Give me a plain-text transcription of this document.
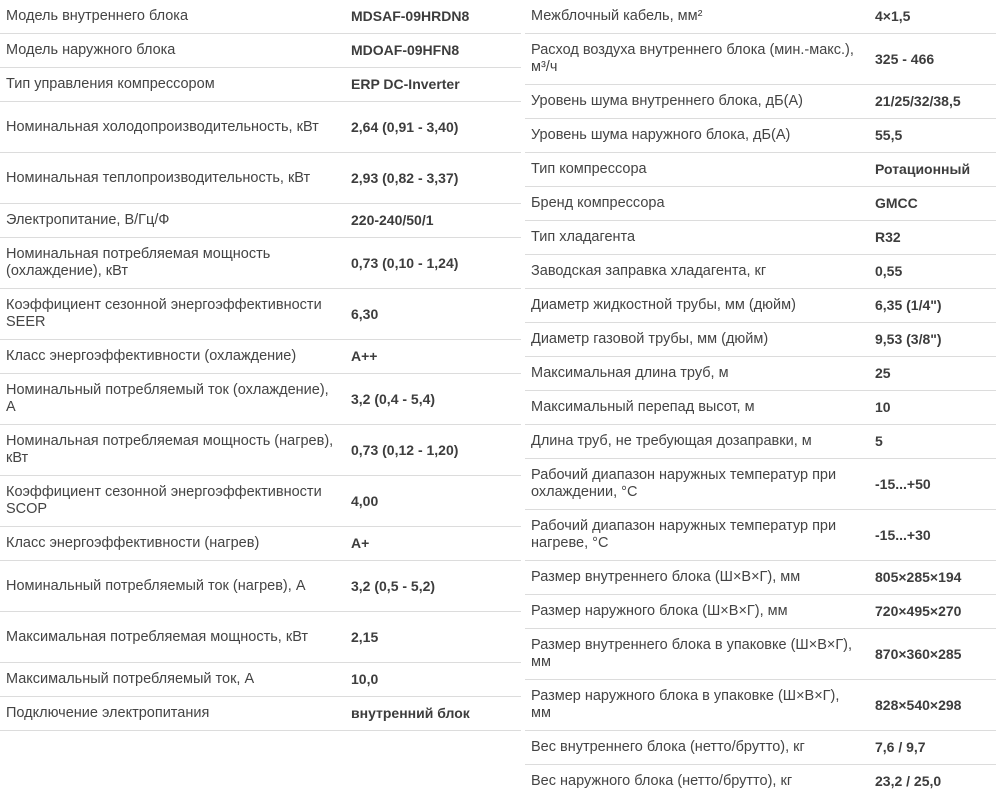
Модель внутреннего блока	MDSAF-09HRDN8
Модель наружного блока	MDOAF-09HFN8
Тип управления компрессором	ERP DC-Inverter
Номинальная холодопроизводительность, кВт	2,64 (0,91 - 3,40)
Номинальная теплопроизводительность, кВт	2,93 (0,82 - 3,37)
Электропитание, В/Гц/Ф	220-240/50/1
Номинальная потребляемая мощность (охлаждение), кВт	0,73 (0,10 - 1,24)
Коэффициент сезонной энергоэффективности SEER	6,30
Класс энергоэффективности (охлаждение)	A++
Номинальный потребляемый ток (охлаждение), А	3,2 (0,4 - 5,4)
Номинальная потребляемая мощность (нагрев), кВт	0,73 (0,12 - 1,20)
Коэффициент сезонной энергоэффективности SCOP	4,00
Класс энергоэффективности (нагрев)	A+
Номинальный потребляемый ток (нагрев), А	3,2 (0,5 - 5,2)
Максимальная потребляемая мощность, кВт	2,15
Максимальный потребляемый ток, А	10,0
Подключение электропитания	внутренний блок
Межблочный кабель, мм²	4×1,5
Расход воздуха внутреннего блока (мин.-макс.), м³/ч	325 - 466
Уровень шума внутреннего блока, дБ(А)	21/25/32/38,5
Уровень шума наружного блока, дБ(А)	55,5
Тип компрессора	Ротационный
Бренд компрессора	GMCC
Тип хладагента	R32
Заводская заправка хладагента, кг	0,55
Диаметр жидкостной трубы, мм (дюйм)	6,35 (1/4")
Диаметр газовой трубы, мм (дюйм)	9,53 (3/8")
Максимальная длина труб, м	25
Максимальный перепад высот, м	10
Длина труб, не требующая дозаправки, м	5
Рабочий диапазон наружных температур при охлаждении, °С	-15...+50
Рабочий диапазон наружных температур при нагреве, °С	-15...+30
Размер внутреннего блока (Ш×В×Г), мм	805×285×194
Размер наружного блока (Ш×В×Г), мм	720×495×270
Размер внутреннего блока в упаковке (Ш×В×Г), мм	870×360×285
Размер наружного блока в упаковке (Ш×В×Г), мм	828×540×298
Вес внутреннего блока (нетто/брутто), кг	7,6 / 9,7
Вес наружного блока (нетто/брутто), кг	23,2 / 25,0
